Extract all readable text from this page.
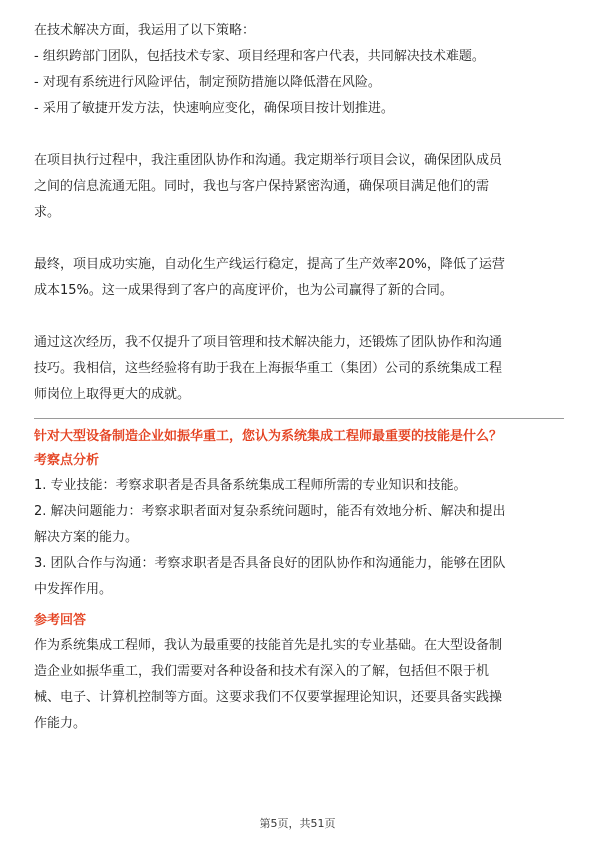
在技术解决方面，我运用了以下策略：

- 组织跨部门团队，包括技术专家、项目经理和客户代表，共同解决技术难题。

- 对现有系统进行风险评估，制定预防措施以降低潜在风险。

- 采用了敏捷开发方法，快速响应变化，确保项目按计划推进。

在项目执行过程中，我注重团队协作和沟通。我定期举行项目会议，确保团队成员

之间的信息流通无阻。同时，我也与客户保持紧密沟通，确保项目满足他们的需

求。

最终，项目成功实施，自动化生产线运行稳定，提高了生产效率20%，降低了运营

成本15%。这一成果得到了客户的高度评价，也为公司赢得了新的合同。

通过这次经历，我不仅提升了项目管理和技术解决能力，还锻炼了团队协作和沟通

技巧。我相信，这些经验将有助于我在上海振华重工（集团）公司的系统集成工程

师岗位上取得更大的成就。

针对大型设备制造企业如振华重工，您认为系统集成工程师最重要的技能是什么？

考察点分析

1. 专业技能：考察求职者是否具备系统集成工程师所需的专业知识和技能。

2. 解决问题能力：考察求职者面对复杂系统问题时，能否有效地分析、解决和提出

解决方案的能力。

3. 团队合作与沟通：考察求职者是否具备良好的团队协作和沟通能力，能够在团队

中发挥作用。

参考回答

作为系统集成工程师，我认为最重要的技能首先是扎实的专业基础。在大型设备制

造企业如振华重工，我们需要对各种设备和技术有深入的了解，包括但不限于机

械、电子、计算机控制等方面。这要求我们不仅要掌握理论知识，还要具备实践操

作能力。

第5页，共51页
